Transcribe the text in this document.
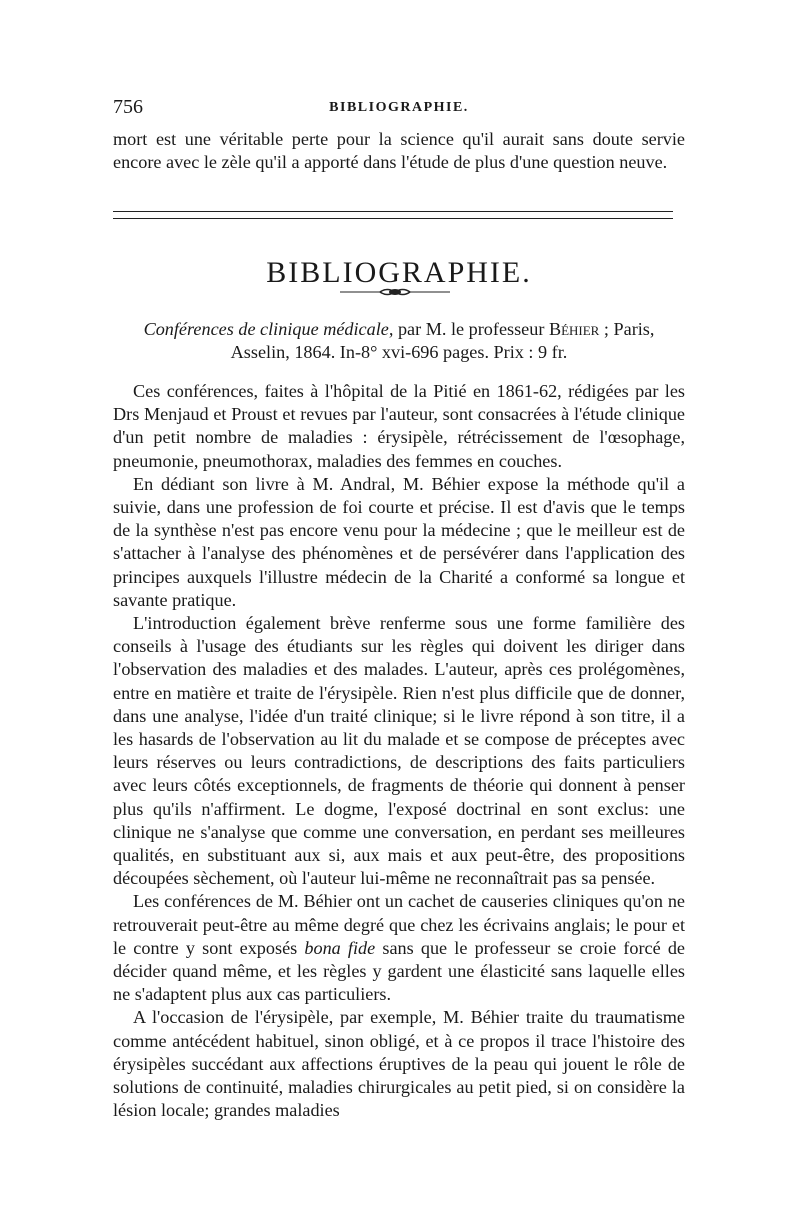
756	BIBLIOGRAPHIE.

mort est une véritable perte pour la science qu'il aurait sans doute servie encore avec le zèle qu'il a apporté dans l'étude de plus d'une question neuve.

BIBLIOGRAPHIE.
Conférences de clinique médicale, par M. le professeur Béhier ; Paris, Asselin, 1864. In-8° xvi-696 pages. Prix : 9 fr.

Ces conférences, faites à l'hôpital de la Pitié en 1861-62, rédigées par les Drs Menjaud et Proust et revues par l'auteur, sont consacrées à l'étude clinique d'un petit nombre de maladies : érysipèle, rétrécissement de l'œsophage, pneumonie, pneumothorax, maladies des femmes en couches.

En dédiant son livre à M. Andral, M. Béhier expose la méthode qu'il a suivie, dans une profession de foi courte et précise. Il est d'avis que le temps de la synthèse n'est pas encore venu pour la médecine ; que le meilleur est de s'attacher à l'analyse des phénomènes et de persévérer dans l'application des principes auxquels l'illustre médecin de la Charité a conformé sa longue et savante pratique.

L'introduction également brève renferme sous une forme familière des conseils à l'usage des étudiants sur les règles qui doivent les diriger dans l'observation des maladies et des malades. L'auteur, après ces prolégomènes, entre en matière et traite de l'érysipèle. Rien n'est plus difficile que de donner, dans une analyse, l'idée d'un traité clinique; si le livre répond à son titre, il a les hasards de l'observation au lit du malade et se compose de préceptes avec leurs réserves ou leurs contradictions, de descriptions des faits particuliers avec leurs côtés exceptionnels, de fragments de théorie qui donnent à penser plus qu'ils n'affirment. Le dogme, l'exposé doctrinal en sont exclus: une clinique ne s'analyse que comme une conversation, en perdant ses meilleures qualités, en substituant aux si, aux mais et aux peut-être, des propositions découpées sèchement, où l'auteur lui-même ne reconnaîtrait pas sa pensée.

Les conférences de M. Béhier ont un cachet de causeries cliniques qu'on ne retrouverait peut-être au même degré que chez les écrivains anglais; le pour et le contre y sont exposés bona fide sans que le professeur se croie forcé de décider quand même, et les règles y gardent une élasticité sans laquelle elles ne s'adaptent plus aux cas particuliers.

A l'occasion de l'érysipèle, par exemple, M. Béhier traite du traumatisme comme antécédent habituel, sinon obligé, et à ce propos il trace l'histoire des érysipèles succédant aux affections éruptives de la peau qui jouent le rôle de solutions de continuité, maladies chirurgicales au petit pied, si on considère la lésion locale; grandes maladies
